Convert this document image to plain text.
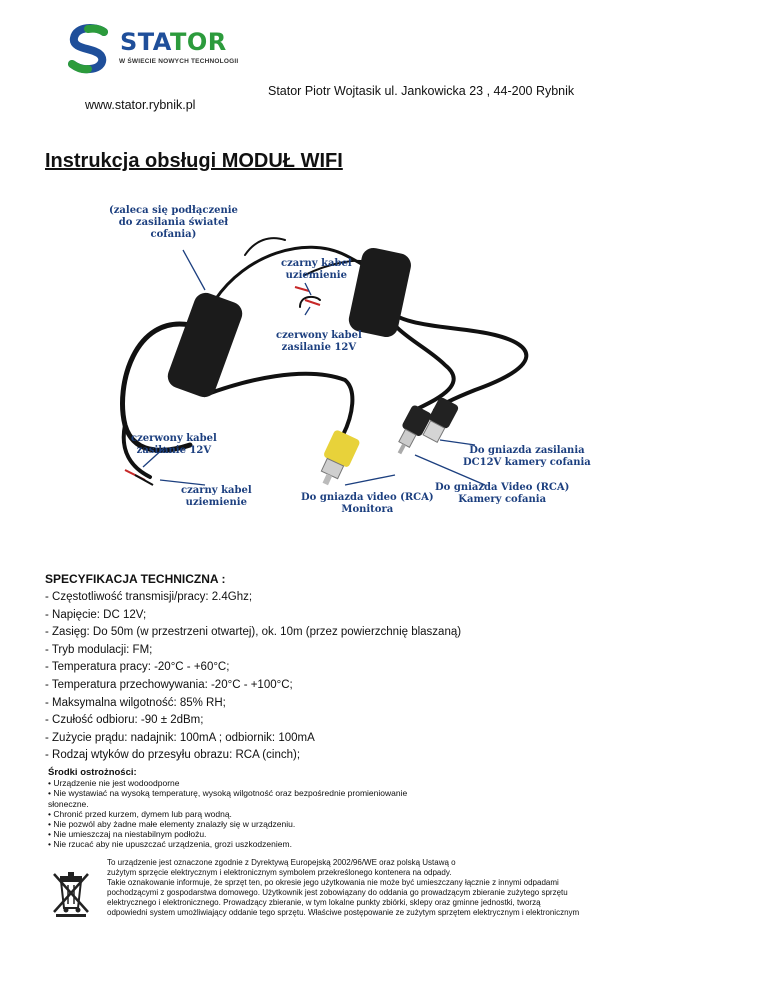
STATOR
W ŚWIECIE NOWYCH TECHNOLOGII
Stator Piotr Wojtasik ul. Jankowicka 23 , 44-200 Rybnik
www.stator.rybnik.pl
Instrukcja obsługi MODUŁ WIFI
(zaleca się podłączenie
do zasilania świateł
cofania)
czarny kabel
uziemienie
czerwony kabel
zasilanie 12V
czerwony kabel
zasilanie 12V
czarny kabel
uziemienie	Do gniazda video (RCA)
Monitora
Do gniazda Video (RCA)
Kamery cofania
Do gniazda zasilania
DC12V kamery cofania
SPECYFIKACJA TECHNICZNA :
- Częstotliwość transmisji/pracy: 2.4Ghz;
- Napięcie: DC 12V;
- Zasięg: Do 50m (w przestrzeni otwartej), ok. 10m (przez powierzchnię blaszaną)
- Tryb modulacji: FM;
- Temperatura pracy: -20°C - +60°C;
- Temperatura przechowywania: -20°C - +100°C;
- Maksymalna wilgotność: 85% RH;
- Czułość odbioru: -90 ± 2dBm;
- Zużycie prądu: nadajnik: 100mA ; odbiornik: 100mA
- Rodzaj wtyków do przesyłu obrazu: RCA (cinch);
Środki ostrożności:
• Urządzenie nie jest wodoodporne
• Nie wystawiać na wysoką temperaturę, wysoką wilgotność oraz bezpośrednie promieniowanie
słoneczne.
• Chronić przed kurzem, dymem lub parą wodną.
• Nie pozwól aby żadne małe elementy znalazły się w urządzeniu.
• Nie umieszczaj na niestabilnym podłożu.
• Nie rzucać aby nie upuszczać urządzenia, grozi uszkodzeniem.
To urządzenie jest oznaczone zgodnie z Dyrektywą Europejską 2002/96/WE oraz polską Ustawą o
zużytym sprzęcie elektrycznym i elektronicznym symbolem przekreślonego kontenera na odpady.
Takie oznakowanie informuje, że sprzęt ten, po okresie jego użytkowania nie może być umieszczany łącznie z innymi odpadami
pochodzącymi z gospodarstwa domowego. Użytkownik jest zobowiązany do oddania go prowadzącym zbieranie zużytego sprzętu
elektrycznego i elektronicznego. Prowadzący zbieranie, w tym lokalne punkty zbiórki, sklepy oraz gminne jednostki, tworzą
odpowiedni system umożliwiający oddanie tego sprzętu. Właściwe postępowanie ze zużytym sprzętem elektrycznym i elektronicznym
